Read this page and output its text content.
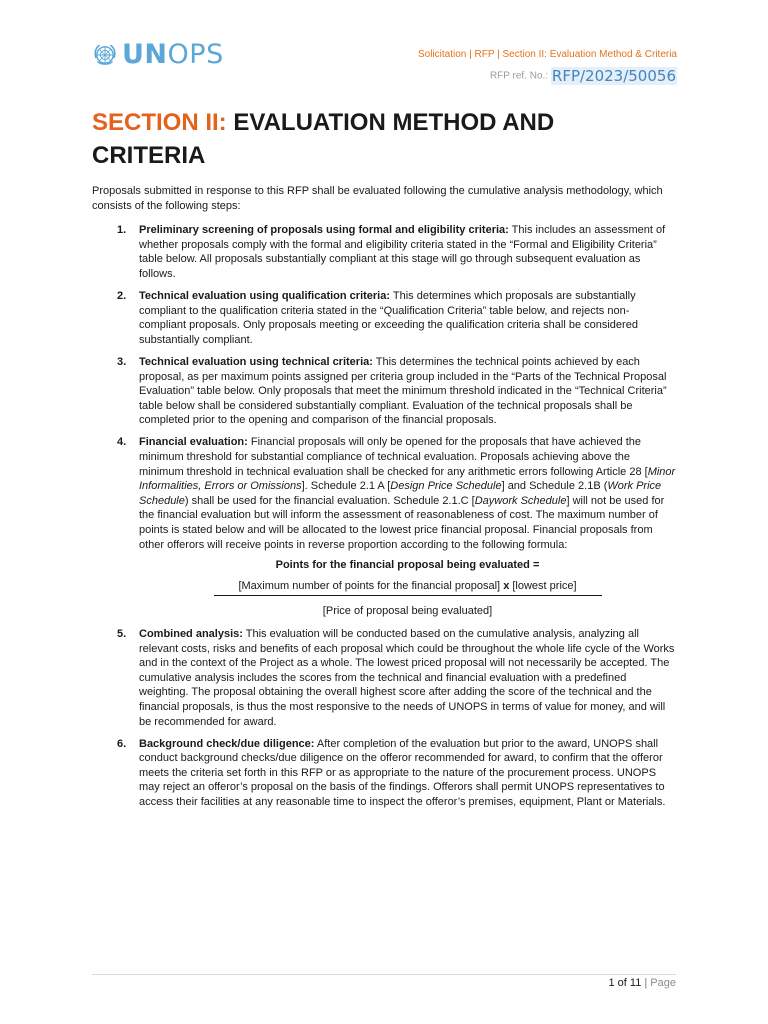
UNOPS	Solicitation | RFP | Section II: Evaluation Method & Criteria
RFP ref. No.: RFP/2023/50056
SECTION II: EVALUATION METHOD AND CRITERIA

Proposals submitted in response to this RFP shall be evaluated following the cumulative analysis methodology, which consists of the following steps:

1. Preliminary screening of proposals using formal and eligibility criteria: This includes an assessment of whether proposals comply with the formal and eligibility criteria stated in the “Formal and Eligibility Criteria” table below. All proposals substantially compliant at this stage will go through subsequent evaluation as follows.
2. Technical evaluation using qualification criteria: This determines which proposals are substantially compliant to the qualification criteria stated in the “Qualification Criteria” table below, and rejects non-compliant proposals. Only proposals meeting or exceeding the qualification criteria shall be considered substantially compliant.
3. Technical evaluation using technical criteria: This determines the technical points achieved by each proposal, as per maximum points assigned per criteria group included in the “Parts of the Technical Proposal Evaluation” table below. Only proposals that meet the minimum threshold indicated in the “Technical Criteria” table below shall be considered substantially compliant. Evaluation of the technical proposals shall be completed prior to the opening and comparison of the financial proposals.
4. Financial evaluation: Financial proposals will only be opened for the proposals that have achieved the minimum threshold for substantial compliance of technical evaluation. Proposals achieving above the minimum threshold in technical evaluation shall be checked for any arithmetic errors following Article 28 [Minor Informalities, Errors or Omissions]. Schedule 2.1 A [Design Price Schedule] and Schedule 2.1B (Work Price Schedule) shall be used for the financial evaluation. Schedule 2.1.C [Daywork Schedule] will not be used for the financial evaluation but will inform the assessment of reasonableness of cost. The maximum number of points is stated below and will be allocated to the lowest price financial proposal. Financial proposals from other offerors will receive points in reverse proportion according to the following formula:
Points for the financial proposal being evaluated =
[Maximum number of points for the financial proposal] x [lowest price]
[Price of proposal being evaluated]
5. Combined analysis: This evaluation will be conducted based on the cumulative analysis, analyzing all relevant costs, risks and benefits of each proposal which could be throughout the whole life cycle of the Works and in the context of the Project as a whole. The lowest priced proposal will not necessarily be accepted. The cumulative analysis includes the scores from the technical and financial evaluation with a predefined weighting. The proposal obtaining the overall highest score after adding the score of the technical and the financial proposals, is thus the most responsive to the needs of UNOPS in terms of value for money, and will be recommended for award.
6. Background check/due diligence: After completion of the evaluation but prior to the award, UNOPS shall conduct background checks/due diligence on the offeror recommended for award, to confirm that the offeror meets the criteria set forth in this RFP or as appropriate to the nature of the procurement process. UNOPS may reject an offeror’s proposal on the basis of the findings. Offerors shall permit UNOPS representatives to access their facilities at any reasonable time to inspect the offeror’s premises, equipment, Plant or Materials.
1 of 11 | Page
